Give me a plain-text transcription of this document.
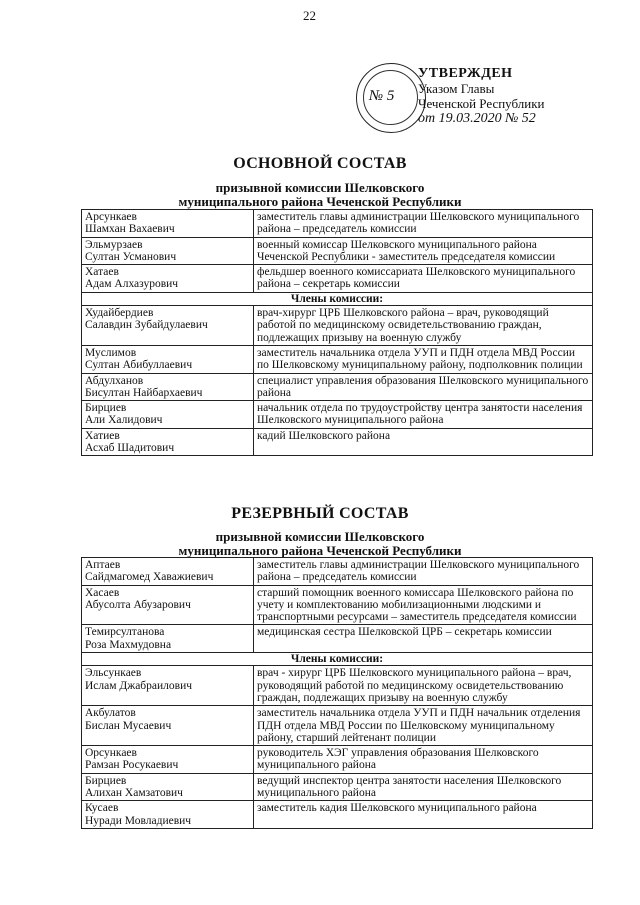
22
№ 5
УТВЕРЖДЕН
Указом Главы
Чеченской Республики
от 19.03.2020 № 52
ОСНОВНОЙ СОСТАВ
призывной комиссии Шелковского
муниципального района Чеченской Республики
Арсункаев
Шамхан Вахаевич	заместитель главы администрации Шелковского муниципального района – председатель комиссии
Эльмурзаев
Султан Усманович	военный комиссар Шелковского муниципального района Чеченской Республики - заместитель председателя комиссии
Хатаев
Адам Алхазурович	фельдшер военного комиссариата Шелковского муниципального района – секретарь комиссии
Члены комиссии:	
Худайбердиев
Салавдин Зубайдулаевич	врач-хирург ЦРБ Шелковского района – врач, руководящий работой по медицинскому освидетельствованию граждан, подлежащих призыву на военную службу
Муслимов
Султан Абибуллаевич	заместитель начальника отдела УУП и ПДН отдела МВД России по Шелковскому муниципальному району, подполковник полиции
Абдулханов
Бисултан Найбархаевич	специалист управления образования Шелковского муниципального района
Бирциев
Али Халидович	начальник отдела по трудоустройству центра занятости населения Шелковского муниципального района
Хатиев
Асхаб Шадитович	кадий Шелковского района
РЕЗЕРВНЫЙ СОСТАВ
призывной комиссии Шелковского
муниципального района Чеченской Республики
Аптаев
Сайдмагомед Хаважиевич	заместитель главы администрации Шелковского муниципального района – председатель комиссии
Хасаев
Абусолта Абузарович	старший помощник военного комиссара Шелковского района по учету и комплектованию мобилизационными людскими и транспортными ресурсами – заместитель председателя комиссии
Темирсултанова
Роза Махмудовна	медицинская сестра Шелковской ЦРБ – секретарь комиссии
Члены комиссии:	
Эльсункаев
Ислам Джабраилович	врач - хирург ЦРБ Шелковского муниципального района – врач, руководящий работой по медицинскому освидетельствованию граждан, подлежащих призыву на военную службу
Акбулатов
Бислан Мусаевич	заместитель начальника отдела УУП и ПДН начальник отделения ПДН отдела МВД России по Шелковскому муниципальному району, старший лейтенант полиции
Орсункаев
Рамзан Росукаевич	руководитель ХЭГ управления образования Шелковского муниципального района
Бирциев
Алихан Хамзатович	ведущий инспектор центра занятости населения Шелковского муниципального района
Кусаев
Нуради Мовладиевич	заместитель кадия Шелковского муниципального района
